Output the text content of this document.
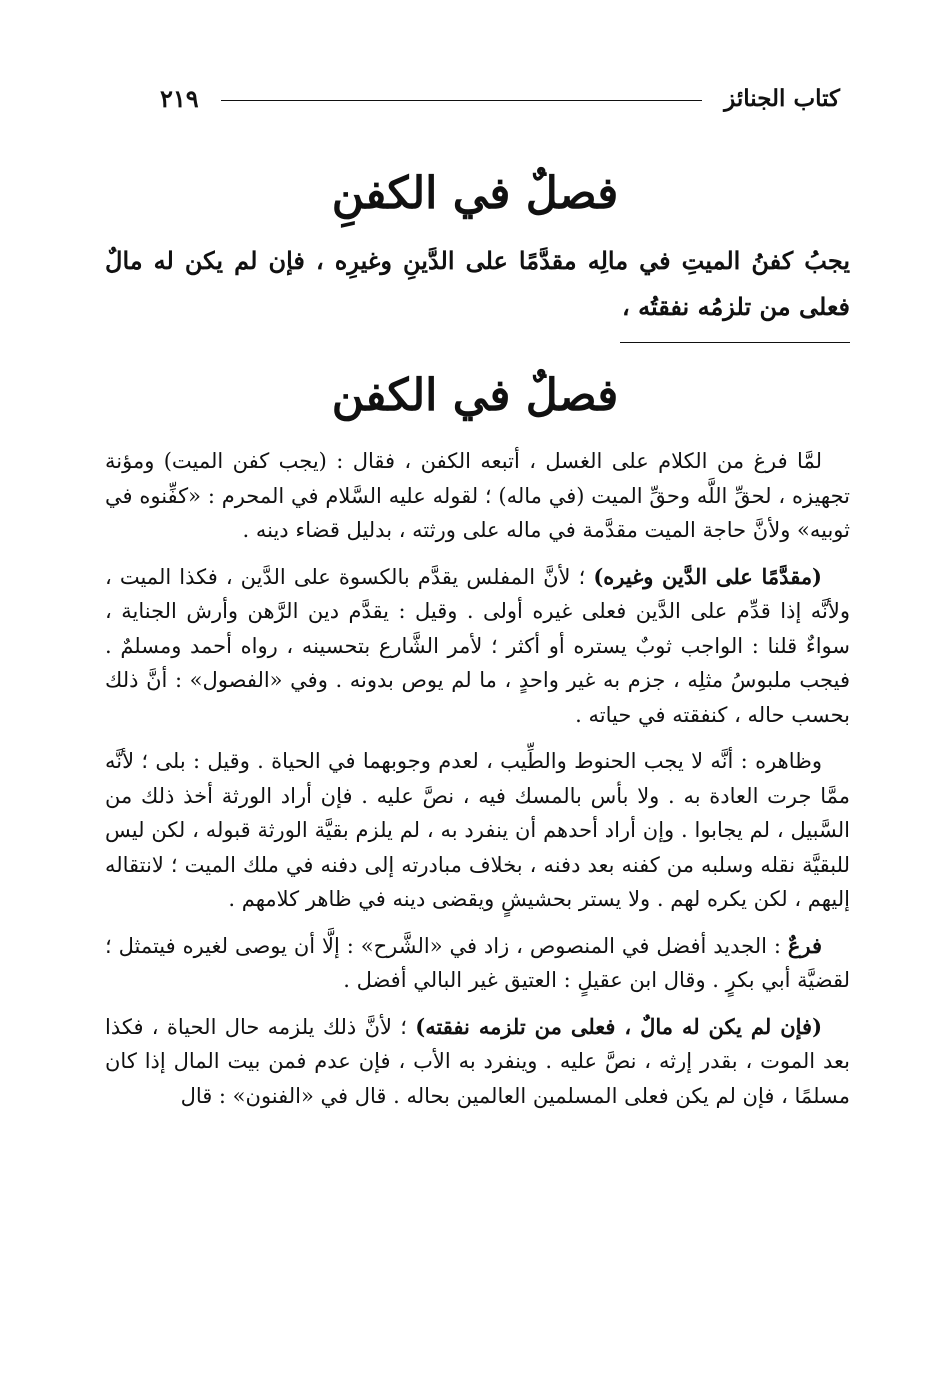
كتاب الجنائز
٢١٩
فصلٌ في الكفنِ
يجبُ كفنُ الميتِ في مالِه مقدَّمًا على الدَّينِ وغيرِه ، فإن لم يكن له مالٌ فعلى من تلزمُه نفقتُه ،
فصلٌ في الكفن

لمَّا فرغ من الكلام على الغسل ، أتبعه الكفن ، فقال : (يجب كفن الميت) ومؤنة تجهيزه ، لحقِّ اللَّه وحقِّ الميت (في ماله) ؛ لقوله عليه السَّلام في المحرم : «كفِّنوه في ثوبيه» ولأنَّ حاجة الميت مقدَّمة في ماله على ورثته ، بدليل قضاء دينه .

(مقدَّمًا على الدَّين وغيره) ؛ لأنَّ المفلس يقدَّم بالكسوة على الدَّين ، فكذا الميت ، ولأنَّه إذا قدِّم على الدَّين فعلى غيره أولى . وقيل : يقدَّم دين الرَّهن وأرش الجناية ، سواءٌ قلنا : الواجب ثوبٌ يستره أو أكثر ؛ لأمر الشَّارع بتحسينه ، رواه أحمد ومسلمٌ . فيجب ملبوسُ مثلِه ، جزم به غير واحدٍ ، ما لم يوص بدونه . وفي «الفصول» : أنَّ ذلك بحسب حاله ، كنفقته في حياته .

وظاهره : أنَّه لا يجب الحنوط والطِّيب ، لعدم وجوبهما في الحياة . وقيل : بلى ؛ لأنَّه ممَّا جرت العادة به . ولا بأس بالمسك فيه ، نصَّ عليه . فإن أراد الورثة أخذ ذلك من السَّبيل ، لم يجابوا . وإن أراد أحدهم أن ينفرد به ، لم يلزم بقيَّة الورثة قبوله ، لكن ليس للبقيَّة نقله وسلبه من كفنه بعد دفنه ، بخلاف مبادرته إلى دفنه في ملك الميت ؛ لانتقاله إليهم ، لكن يكره لهم . ولا يستر بحشيشٍ ويقضى دينه في ظاهر كلامهم .

فرعٌ : الجديد أفضل في المنصوص ، زاد في «الشَّرح» : إلَّا أن يوصى لغيره فيتمثل ؛ لقضيَّة أبي بكرٍ . وقال ابن عقيلٍ : العتيق غير البالي أفضل .

(فإن لم يكن له مالٌ ، فعلى من تلزمه نفقته) ؛ لأنَّ ذلك يلزمه حال الحياة ، فكذا بعد الموت ، بقدر إرثه ، نصَّ عليه . وينفرد به الأب ، فإن عدم فمن بيت المال إذا كان مسلمًا ، فإن لم يكن فعلى المسلمين العالمين بحاله . قال في «الفنون» : قال
